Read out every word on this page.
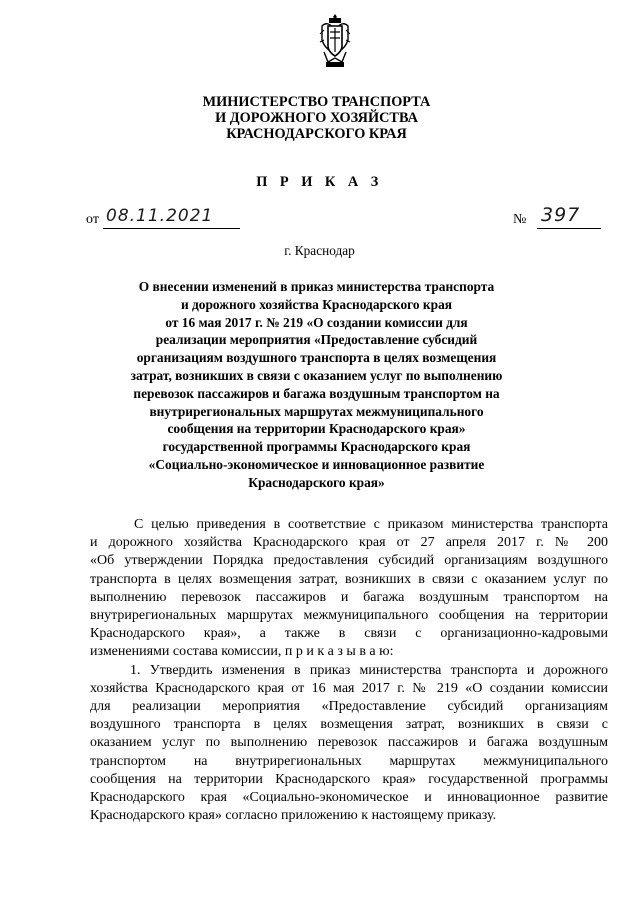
МИНИСТЕРСТВО ТРАНСПОРТА
И ДОРОЖНОГО ХОЗЯЙСТВА
КРАСНОДАРСКОГО КРАЯ
П Р И К А З
от 08.11.2021	№ 397
г. Краснодар
О внесении изменений в приказ министерства транспорта
и дорожного хозяйства Краснодарского края
от 16 мая 2017 г. № 219 «О создании комиссии для
реализации мероприятия «Предоставление субсидий
организациям воздушного транспорта в целях возмещения
затрат, возникших в связи с оказанием услуг по выполнению
перевозок пассажиров и багажа воздушным транспортом на
внутрирегиональных маршрутах межмуниципального
сообщения на территории Краснодарского края»
государственной программы Краснодарского края
«Социально-экономическое и инновационное развитие
Краснодарского края»
С целью приведения в соответствие с приказом министерства транспорта
и дорожного хозяйства Краснодарского края от 27 апреля 2017 г. № 200
«Об утверждении Порядка предоставления субсидий организациям воздушного
транспорта в целях возмещения затрат, возникших в связи с оказанием услуг по
выполнению перевозок пассажиров и багажа воздушным транспортом на
внутрирегиональных маршрутах межмуниципального сообщения на территории
Краснодарского края», а также в связи с организационно-кадровыми
изменениями состава комиссии, п р и к а з ы в а ю:
1. Утвердить изменения в приказ министерства транспорта и дорожного
хозяйства Краснодарского края от 16 мая 2017 г. № 219 «О создании комиссии
для реализации мероприятия «Предоставление субсидий организациям
воздушного транспорта в целях возмещения затрат, возникших в связи с
оказанием услуг по выполнению перевозок пассажиров и багажа воздушным
транспортом на внутрирегиональных маршрутах межмуниципального
сообщения на территории Краснодарского края» государственной программы
Краснодарского края «Социально-экономическое и инновационное развитие
Краснодарского края» согласно приложению к настоящему приказу.
